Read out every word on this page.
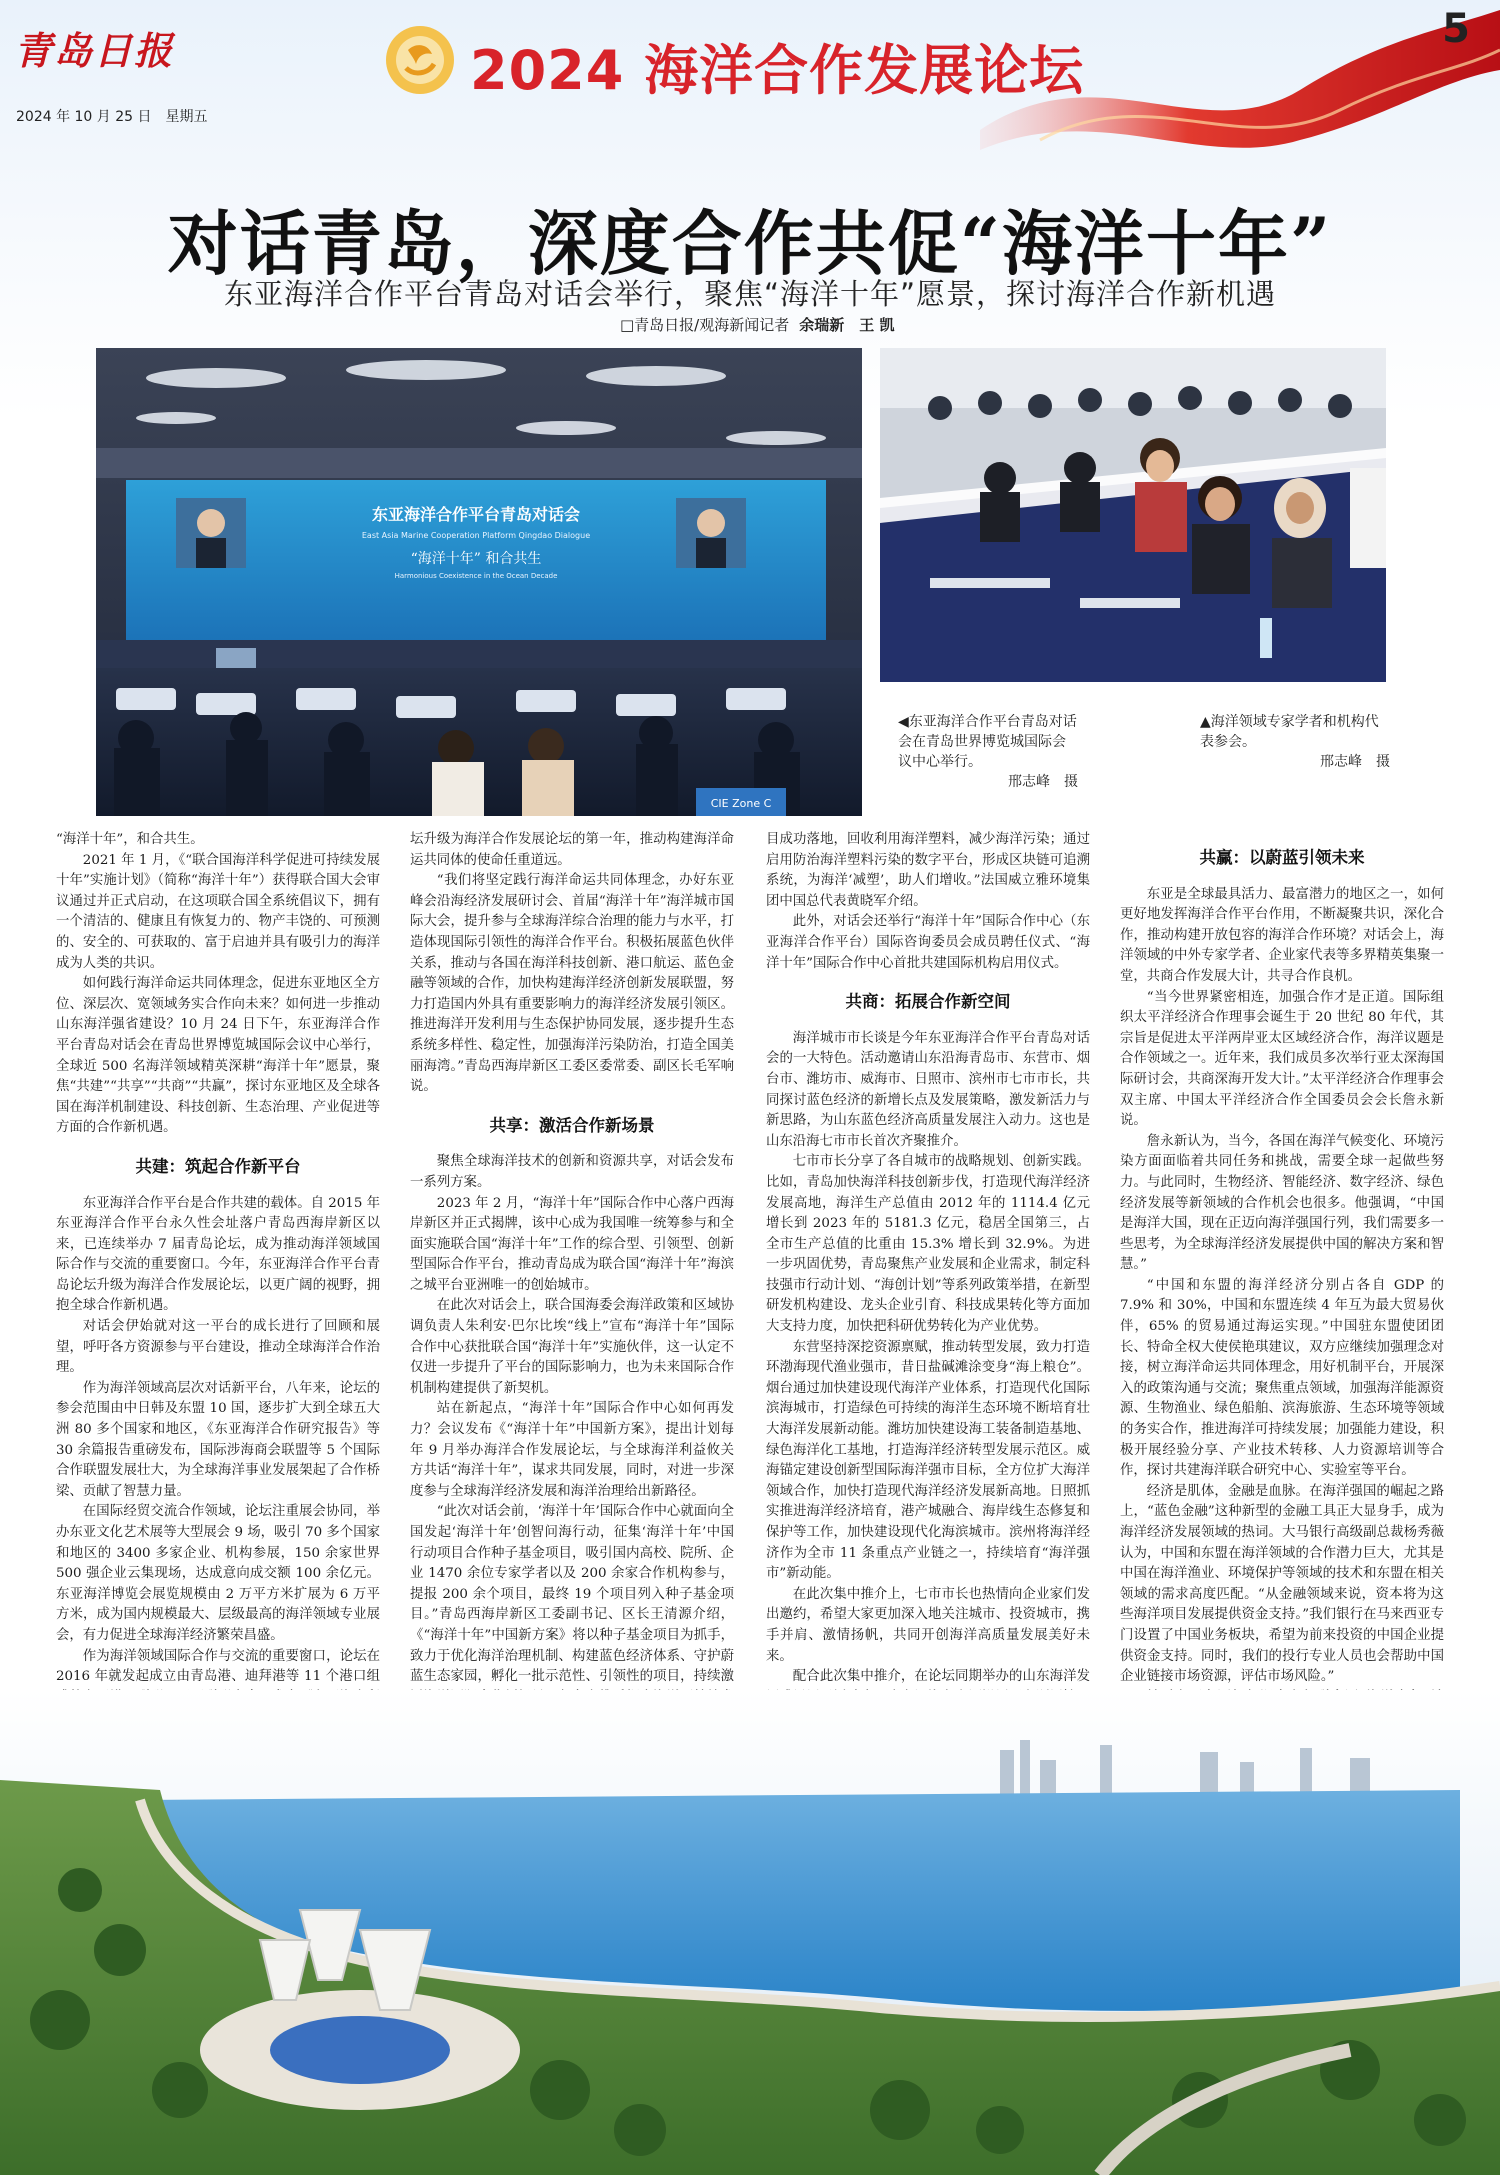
青岛日报
2024 年 10 月 25 日　星期五
5
2024 海洋合作发展论坛
对话青岛，深度合作共促“海洋十年”
东亚海洋合作平台青岛对话会举行，聚焦“海洋十年”愿景，探讨海洋合作新机遇
□青岛日报/观海新闻记者 余瑞新　王 凯
东亚海洋合作平台青岛对话会
East Asia Marine Cooperation Platform Qingdao Dialogue
“海洋十年” 和合共生
Harmonious Coexistence in the Ocean Decade
CIE Zone C
◀东亚海洋合作平台青岛对话会在青岛世界博览城国际会议中心举行。
邢志峰　摄
▲海洋领域专家学者和机构代表参会。
邢志峰　摄

“海洋十年”，和合共生。

2021 年 1 月，《“联合国海洋科学促进可持续发展十年”实施计划》（简称“海洋十年”）获得联合国大会审议通过并正式启动，在这项联合国全系统倡议下，拥有一个清洁的、健康且有恢复力的、物产丰饶的、可预测的、安全的、可获取的、富于启迪并具有吸引力的海洋成为人类的共识。

如何践行海洋命运共同体理念，促进东亚地区全方位、深层次、宽领域务实合作向未来？如何进一步推动山东海洋强省建设？10 月 24 日下午，东亚海洋合作平台青岛对话会在青岛世界博览城国际会议中心举行，全球近 500 名海洋领域精英深耕“海洋十年”愿景，聚焦“共建”“共享”“共商”“共赢”，探讨东亚地区及全球各国在海洋机制建设、科技创新、生态治理、产业促进等方面的合作新机遇。

共建：筑起合作新平台

东亚海洋合作平台是合作共建的载体。自 2015 年东亚海洋合作平台永久性会址落户青岛西海岸新区以来，已连续举办 7 届青岛论坛，成为推动海洋领域国际合作与交流的重要窗口。今年，东亚海洋合作平台青岛论坛升级为海洋合作发展论坛，以更广阔的视野，拥抱全球合作新机遇。

对话会伊始就对这一平台的成长进行了回顾和展望，呼吁各方资源参与平台建设，推动全球海洋合作治理。

作为海洋领域高层次对话新平台，八年来，论坛的参会范围由中日韩及东盟 10 国，逐步扩大到全球五大洲 80 多个国家和地区，《东亚海洋合作研究报告》等 30 余篇报告重磅发布，国际涉海商会联盟等 5 个国际合作联盟发展壮大，为全球海洋事业发展架起了合作桥梁、贡献了智慧力量。

在国际经贸交流合作领域，论坛注重展会协同，举办东亚文化艺术展等大型展会 9 场，吸引 70 多个国家和地区的 3400 多家企业、机构参展，150 余家世界 500 强企业云集现场，达成意向成交额 100 余亿元。东亚海洋博览会展览规模由 2 万平方米扩展为 6 万平方米，成为国内规模最大、层级最高的海洋领域专业展会，有力促进全球海洋经济繁荣昌盛。

作为海洋领域国际合作与交流的重要窗口，论坛在 2016 年就发起成立由青岛港、迪拜港等 11 个港口组

坛升级为海洋合作发展论坛的第一年，推动构建海洋命运共同体的使命任重道远。

“我们将坚定践行海洋命运共同体理念，办好东亚峰会沿海经济发展研讨会、首届“海洋十年”海洋城市国际大会，提升参与全球海洋综合治理的能力与水平，打造体现国际引领性的海洋合作平台。积极拓展蓝色伙伴关系，推动与各国在海洋科技创新、港口航运、蓝色金融等领域的合作，加快构建海洋经济创新发展联盟，努力打造国内外具有重要影响力的海洋经济发展引领区。推进海洋开发利用与生态保护协同发展，逐步提升生态系统多样性、稳定性，加强海洋污染防治，打造全国美丽海湾。”青岛西海岸新区工委区委常委、副区长毛军响说。

共享：激活合作新场景

聚焦全球海洋技术的创新和资源共享，对话会发布一系列方案。

2023 年 2 月，“海洋十年”国际合作中心落户西海岸新区并正式揭牌，该中心成为我国唯一统筹参与和全面实施联合国“海洋十年”工作的综合型、引领型、创新型国际合作平台，推动青岛成为联合国“海洋十年”海滨之城平台亚洲唯一的创始城市。

在此次对话会上，联合国海委会海洋政策和区域协调负责人朱利安·巴尔比埃“线上”宣布“海洋十年”国际合作中心获批联合国“海洋十年”实施伙伴，这一认定不仅进一步提升了平台的国际影响力，也为未来国际合作机制构建提供了新契机。

站在新起点，“海洋十年”国际合作中心如何再发力？会议发布《“海洋十年”中国新方案》，提出计划每年 9 月举办海洋合作发展论坛，与全球海洋利益攸关方共话“海洋十年”，谋求共同发展，同时，对进一步深度参与全球海洋经济发展和海洋治理给出新路径。

“此次对话会前，‘海洋十年’国际合作中心就面向全国发起‘海洋十年’创智问海行动，征集‘海洋十年’中国行动项目合作种子基金项目，吸引国内高校、院所、企业 1470 余位专家学者以及 200 余家合作机构参与，提报 200 余个项目，最终 19 个项目列入种子基金项目。”青岛西海岸新区工委副书记、区长王清源介绍，《“海洋十年”中国新方案》将以种子基金项目为抓手，致力于优化海洋治理机制、构建蓝色经济体系、守护蔚蓝生态家园，孵化一批示范性、引领性的项目，持续激

目成功落地，回收利用海洋塑料，减少海洋污染；通过启用防治海洋塑料污染的数字平台，形成区块链可追溯系统，为海洋‘减塑’，助人们增收。”法国威立雅环境集团中国总代表黄晓军介绍。

此外，对话会还举行“海洋十年”国际合作中心（东亚海洋合作平台）国际咨询委员会成员聘任仪式、“海洋十年”国际合作中心首批共建国际机构启用仪式。

共商：拓展合作新空间

海洋城市市长谈是今年东亚海洋合作平台青岛对话会的一大特色。活动邀请山东沿海青岛市、东营市、烟台市、潍坊市、威海市、日照市、滨州市七市市长，共同探讨蓝色经济的新增长点及发展策略，激发新活力与新思路，为山东蓝色经济高质量发展注入动力。这也是山东沿海七市市长首次齐聚推介。

七市市长分享了各自城市的战略规划、创新实践。比如，青岛加快海洋科技创新步伐，打造现代海洋经济发展高地，海洋生产总值由 2012 年的 1114.4 亿元增长到 2023 年的 5181.3 亿元，稳居全国第三，占全市生产总值的比重由 15.3% 增长到 32.9%。为进一步巩固优势，青岛聚焦产业发展和企业需求，制定科技强市行动计划、“海创计划”等系列政策举措，在新型研发机构建设、龙头企业引育、科技成果转化等方面加大支持力度，加快把科研优势转化为产业优势。

东营坚持深挖资源禀赋，推动转型发展，致力打造环渤海现代渔业强市，昔日盐碱滩涂变身“海上粮仓”。烟台通过加快建设现代海洋产业体系，打造现代化国际滨海城市，打造绿色可持续的海洋生态环境不断培育壮大海洋发展新动能。潍坊加快建设海工装备制造基地、绿色海洋化工基地，打造海洋经济转型发展示范区。威海锚定建设创新型国际海洋强市目标，全方位扩大海洋领域合作，加快打造现代海洋经济发展新高地。日照抓实推进海洋经济培育，港产城融合、海岸线生态修复和保护等工作，加快建设现代化海滨城市。滨州将海洋经济作为全市 11 条重点产业链之一，持续培育“海洋强市”新动能。

在此次集中推介上，七市市长也热情向企业家们发出邀约，希望大家更加深入地关注城市、投资城市，携手并肩、激情扬帆，共同开创海洋高质量发展美好未来。

配合此次集中推介，在论坛同期举办的山东海洋发

共赢：以蔚蓝引领未来

东亚是全球最具活力、最富潜力的地区之一，如何更好地发挥海洋合作平台作用，不断凝聚共识，深化合作，推动构建开放包容的海洋合作环境？对话会上，海洋领域的中外专家学者、企业家代表等多界精英集聚一堂，共商合作发展大计，共寻合作良机。

“当今世界紧密相连，加强合作才是正道。国际组织太平洋经济合作理事会诞生于 20 世纪 80 年代，其宗旨是促进太平洋两岸亚太区域经济合作，海洋议题是合作领域之一。近年来，我们成员多次举行亚太深海国际研讨会，共商深海开发大计。”太平洋经济合作理事会双主席、中国太平洋经济合作全国委员会会长詹永新说。

詹永新认为，当今，各国在海洋气候变化、环境污染方面面临着共同任务和挑战，需要全球一起做些努力。与此同时，生物经济、智能经济、数字经济、绿色经济发展等新领域的合作机会也很多。他强调，“中国是海洋大国，现在正迈向海洋强国行列，我们需要多一些思考，为全球海洋经济发展提供中国的解决方案和智慧。”

“中国和东盟的海洋经济分别占各自 GDP 的 7.9% 和 30%，中国和东盟连续 4 年互为最大贸易伙伴，65% 的贸易通过海运实现。”中国驻东盟使团团长、特命全权大使侯艳琪建议，双方应继续加强理念对接，树立海洋命运共同体理念，用好机制平台，开展深入的政策沟通与交流；聚焦重点领域，加强海洋能源资源、生物渔业、绿色船舶、滨海旅游、生态环境等领域的务实合作，推进海洋可持续发展；加强能力建设，积极开展经验分享、产业技术转移、人力资源培训等合作，探讨共建海洋联合研究中心、实验室等平台。

经济是肌体，金融是血脉。在海洋强国的崛起之路上，“蓝色金融”这种新型的金融工具正大显身手，成为海洋经济发展领域的热词。大马银行高级副总裁杨秀薇认为，中国和东盟在海洋领域的合作潜力巨大，尤其是中国在海洋渔业、环境保护等领域的技术和东盟在相关领域的需求高度匹配。“从金融领域来说，资本将为这些海洋项目发展提供资金支持。”我们银行在马来西亚专门设置了中国业务板块，希望为前来投资的中国企业提供资金支持。同时，我们的投行专业人员也会帮助中国企业链接市场资源，评估市场风险。”
